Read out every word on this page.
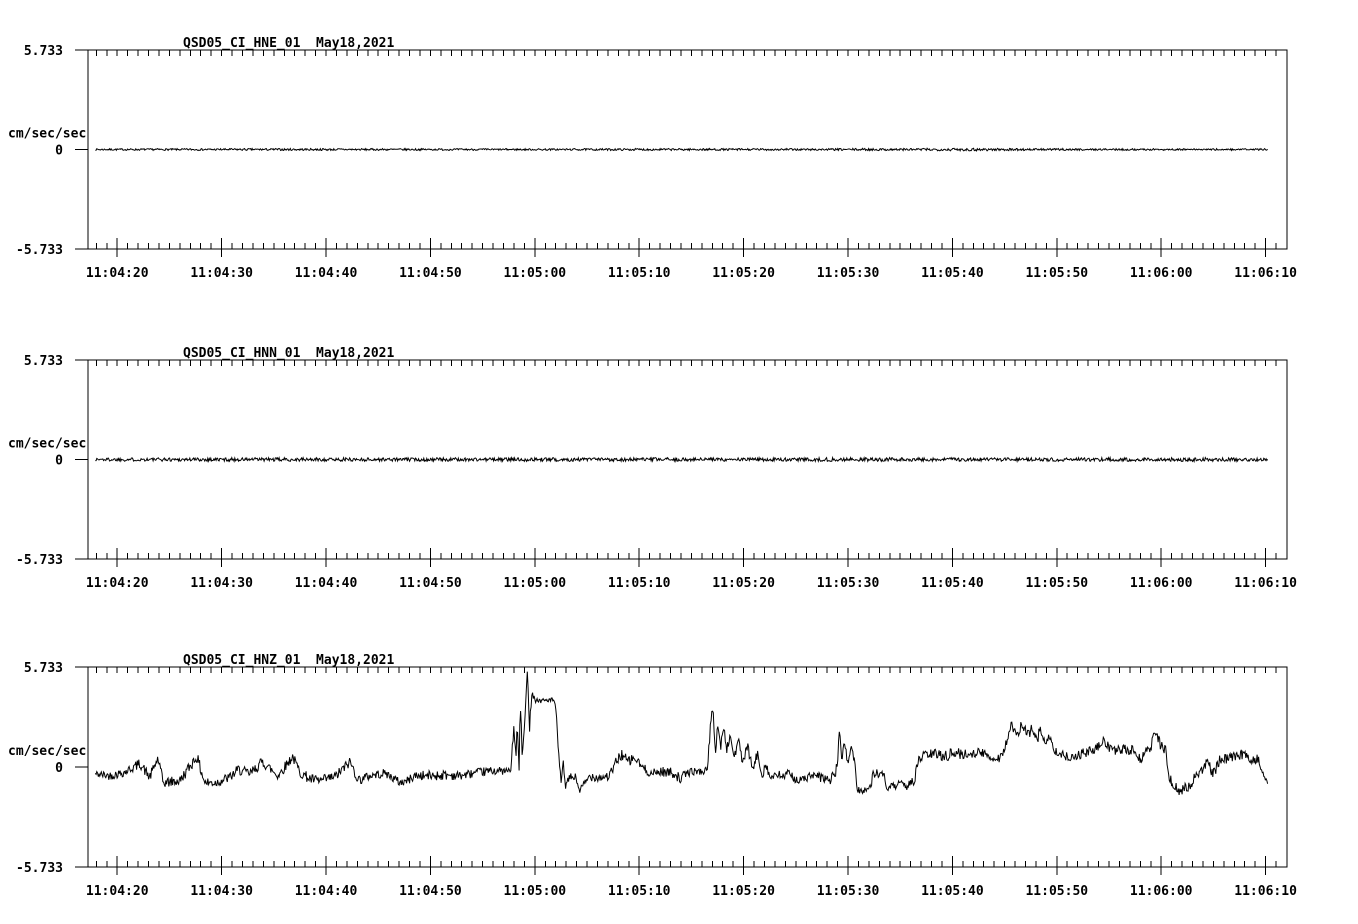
QSD05_CI_HNE_01  May18,2021
5.733
0
-5.733
cm/sec/sec
11:04:20	11:04:30	11:04:40	11:04:50	11:05:00	11:05:10	11:05:20	11:05:30	11:05:40	11:05:50	11:06:00	11:06:10
QSD05_CI_HNN_01  May18,2021
5.733
0
-5.733
cm/sec/sec
11:04:20	11:04:30	11:04:40	11:04:50	11:05:00	11:05:10	11:05:20	11:05:30	11:05:40	11:05:50	11:06:00	11:06:10
QSD05_CI_HNZ_01  May18,2021
5.733
0
-5.733
cm/sec/sec
11:04:20	11:04:30	11:04:40	11:04:50	11:05:00	11:05:10	11:05:20	11:05:30	11:05:40	11:05:50	11:06:00	11:06:10
